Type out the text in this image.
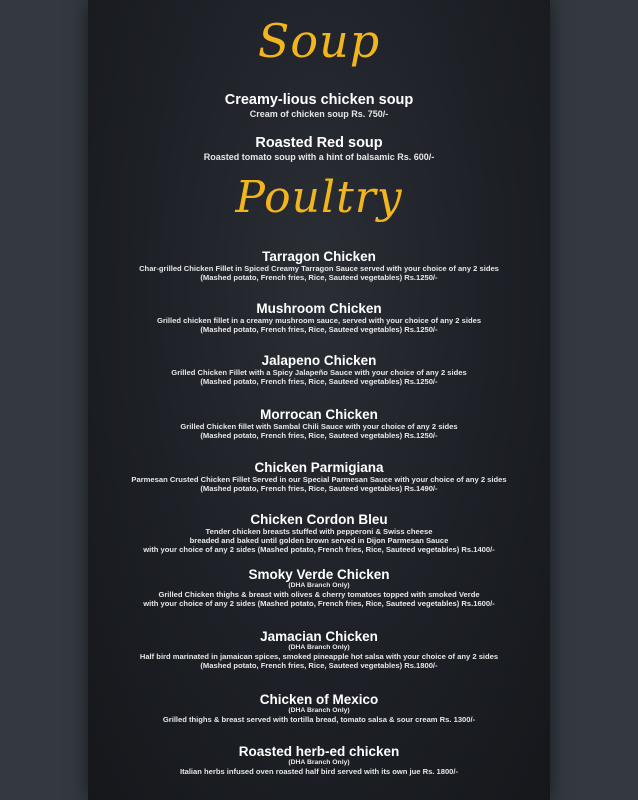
Soup
Creamy-lious chicken soup
Cream of chicken soup Rs. 750/-
Roasted Red soup
Roasted tomato soup with a hint of balsamic Rs. 600/-
Poultry
Tarragon Chicken
Char-grilled Chicken Fillet in Spiced Creamy Tarragon Sauce served with your choice of any 2 sides
(Mashed potato, French fries, Rice, Sauteed vegetables) Rs.1250/-
Mushroom Chicken
Grilled chicken fillet in a creamy mushroom sauce, served with your choice of any 2 sides
(Mashed potato, French fries, Rice, Sauteed vegetables) Rs.1250/-
Jalapeno Chicken
Grilled Chicken Fillet with a Spicy Jalapeño Sauce with your choice of any 2 sides
(Mashed potato, French fries, Rice, Sauteed vegetables) Rs.1250/-
Morrocan Chicken
Grilled Chicken fillet with Sambal Chili Sauce with your choice of any 2 sides
(Mashed potato, French fries, Rice, Sauteed vegetables) Rs.1250/-
Chicken Parmigiana
Parmesan Crusted Chicken Fillet Served in our Special Parmesan Sauce with your choice of any 2 sides
(Mashed potato, French fries, Rice, Sauteed vegetables) Rs.1490/-
Chicken Cordon Bleu
Tender chicken breasts stuffed with pepperoni & Swiss cheese
breaded and baked until golden brown served in Dijon Parmesan Sauce
with your choice of any 2 sides (Mashed potato, French fries, Rice, Sauteed vegetables) Rs.1400/-
Smoky Verde Chicken
(DHA Branch Only)
Grilled Chicken thighs & breast with olives & cherry tomatoes topped with smoked Verde
with your choice of any 2 sides (Mashed potato, French fries, Rice, Sauteed vegetables) Rs.1600/-
Jamacian Chicken
(DHA Branch Only)
Half bird marinated in jamaican spices, smoked pineapple hot salsa with your choice of any 2 sides
(Mashed potato, French fries, Rice, Sauteed vegetables) Rs.1800/-
Chicken of Mexico
(DHA Branch Only)
Grilled thighs & breast served with tortilla bread, tomato salsa & sour cream Rs. 1300/-
Roasted herb-ed chicken
(DHA Branch Only)
Italian herbs infused oven roasted half bird served with its own jue Rs. 1800/-
